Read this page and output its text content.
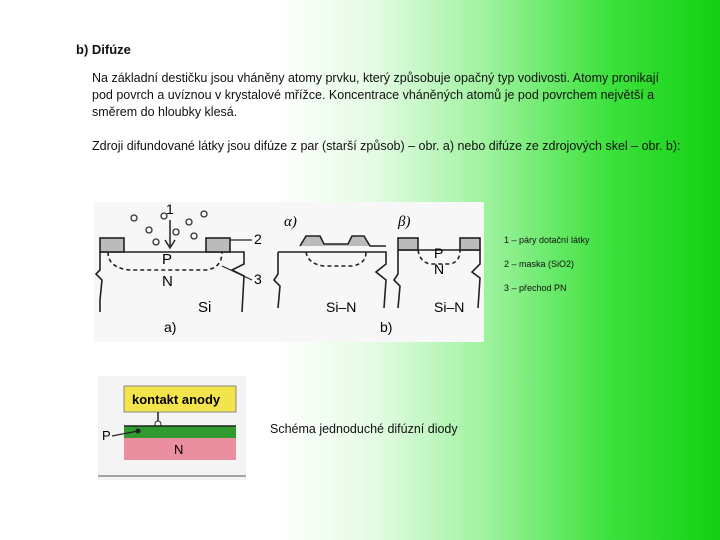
b) Difúze

Na základní destičku jsou vháněny atomy prvku, který způsobuje opačný typ vodivosti. Atomy pronikají pod povrch a uvíznou v krystalové mřížce. Koncentrace vháněných atomů je pod povrchem největší a směrem do hloubky klesá.

Zdroji difundované látky jsou difúze z par (starší způsob) – obr. a) nebo difúze ze zdrojových skel – obr. b):

1
2
3
P
N
Si
a)
α)
Si–N
β)
P
N
Si–N
b)
1 – páry dotační látky
2 – maska (SiO2)
3 – přechod PN
kontakt anody
P
N
Schéma jednoduché difúzní diody
